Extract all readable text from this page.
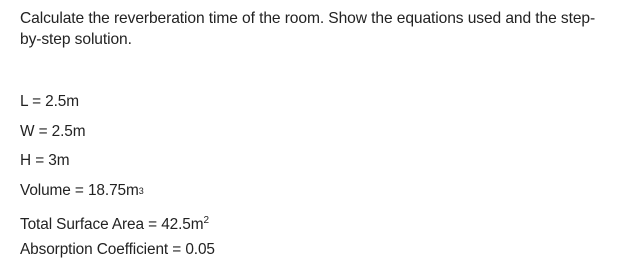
Calculate the reverberation time of the room. Show the equations used and the step-by-step solution.

L = 2.5m
W = 2.5m
H = 3m
Volume = 18.75m3
Total Surface Area = $42.5m^2$
Absorption Coefficient = 0.05
